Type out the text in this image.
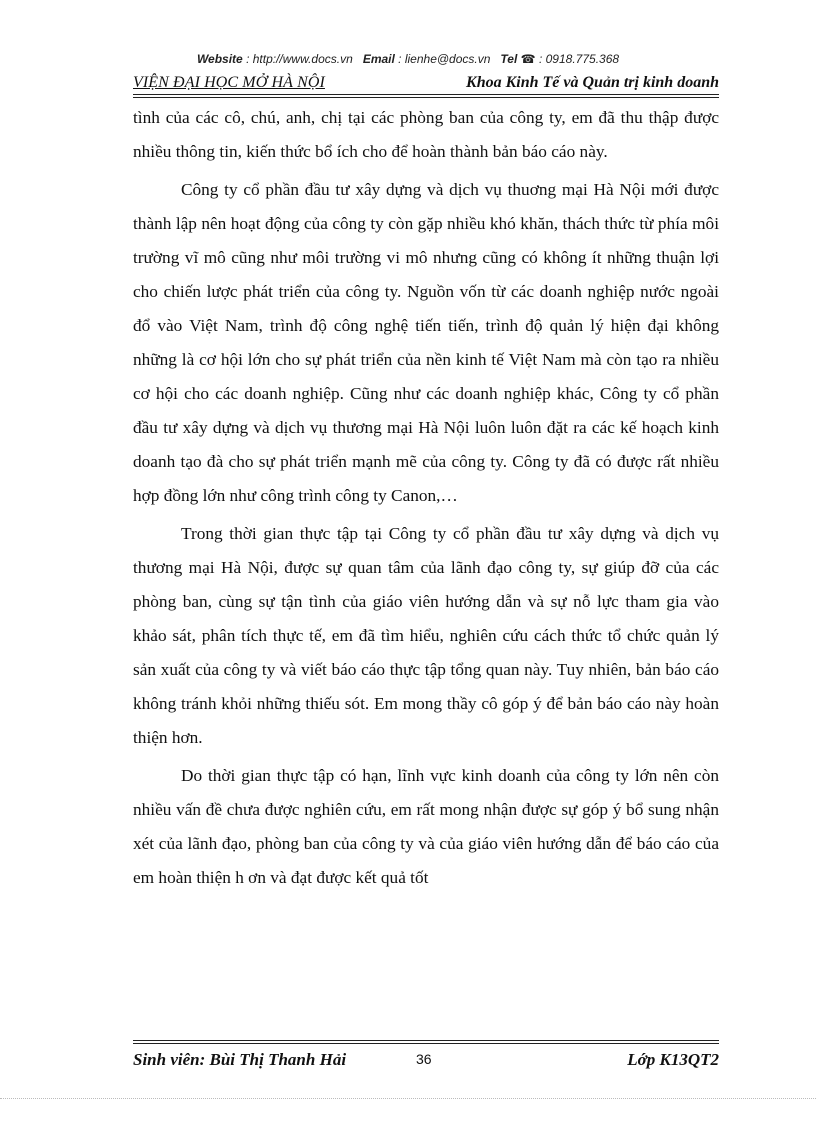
Website : http://www.docs.vn Email : lienhe@docs.vn Tel ☎ : 0918.775.368
VIỆN ĐẠI HỌC MỞ HÀ NỘI	Khoa Kinh Tế và Quản trị kinh doanh

tình của các cô, chú, anh, chị tại các phòng ban của công ty, em đã thu thập được nhiều thông tin, kiến thức bổ ích cho để hoàn thành bản báo cáo này.

Công ty cổ phần đầu tư xây dựng và dịch vụ thuơng mại Hà Nội mới được thành lập nên hoạt động của công ty còn gặp nhiều khó khăn, thách thức từ phía môi trường vĩ mô cũng như môi trường vi mô nhưng cũng có không ít những thuận lợi cho chiến lược phát triển của công ty. Nguồn vốn từ các doanh nghiệp nước ngoài đổ vào Việt Nam, trình độ công nghệ tiến tiến, trình độ quản lý hiện đại không những là cơ hội lớn cho sự phát triển của nền kinh tế Việt Nam mà còn tạo ra nhiều cơ hội cho các doanh nghiệp. Cũng như các doanh nghiệp khác, Công ty cổ phần đầu tư xây dựng và dịch vụ thương mại Hà Nội luôn luôn đặt ra các kế hoạch kinh doanh tạo đà cho sự phát triển mạnh mẽ của công ty. Công ty đã có được rất nhiều hợp đồng lớn như công trình công ty Canon,…

Trong thời gian thực tập tại Công ty cổ phần đầu tư xây dựng và dịch vụ thương mại Hà Nội, được sự quan tâm của lãnh đạo công ty, sự giúp đỡ của các phòng ban, cùng sự tận tình của giáo viên hướng dẫn và sự nỗ lực tham gia vào khảo sát, phân tích thực tế, em đã tìm hiểu, nghiên cứu cách thức tổ chức quản lý sản xuất của công ty và viết báo cáo thực tập tổng quan này. Tuy nhiên, bản báo cáo không tránh khỏi những thiếu sót. Em mong thầy cô góp ý để bản báo cáo này hoàn thiện hơn.

Do thời gian thực tập có hạn, lĩnh vực kinh doanh của công ty lớn nên còn nhiều vấn đề chưa được nghiên cứu, em rất mong nhận được sự góp ý bổ sung nhận xét của lãnh đạo, phòng ban của công ty và của giáo viên hướng dẫn để báo cáo của em hoàn thiện h ơn và đạt được kết quả tốt

Sinh viên: Bùi Thị Thanh Hải	36	Lớp K13QT2
